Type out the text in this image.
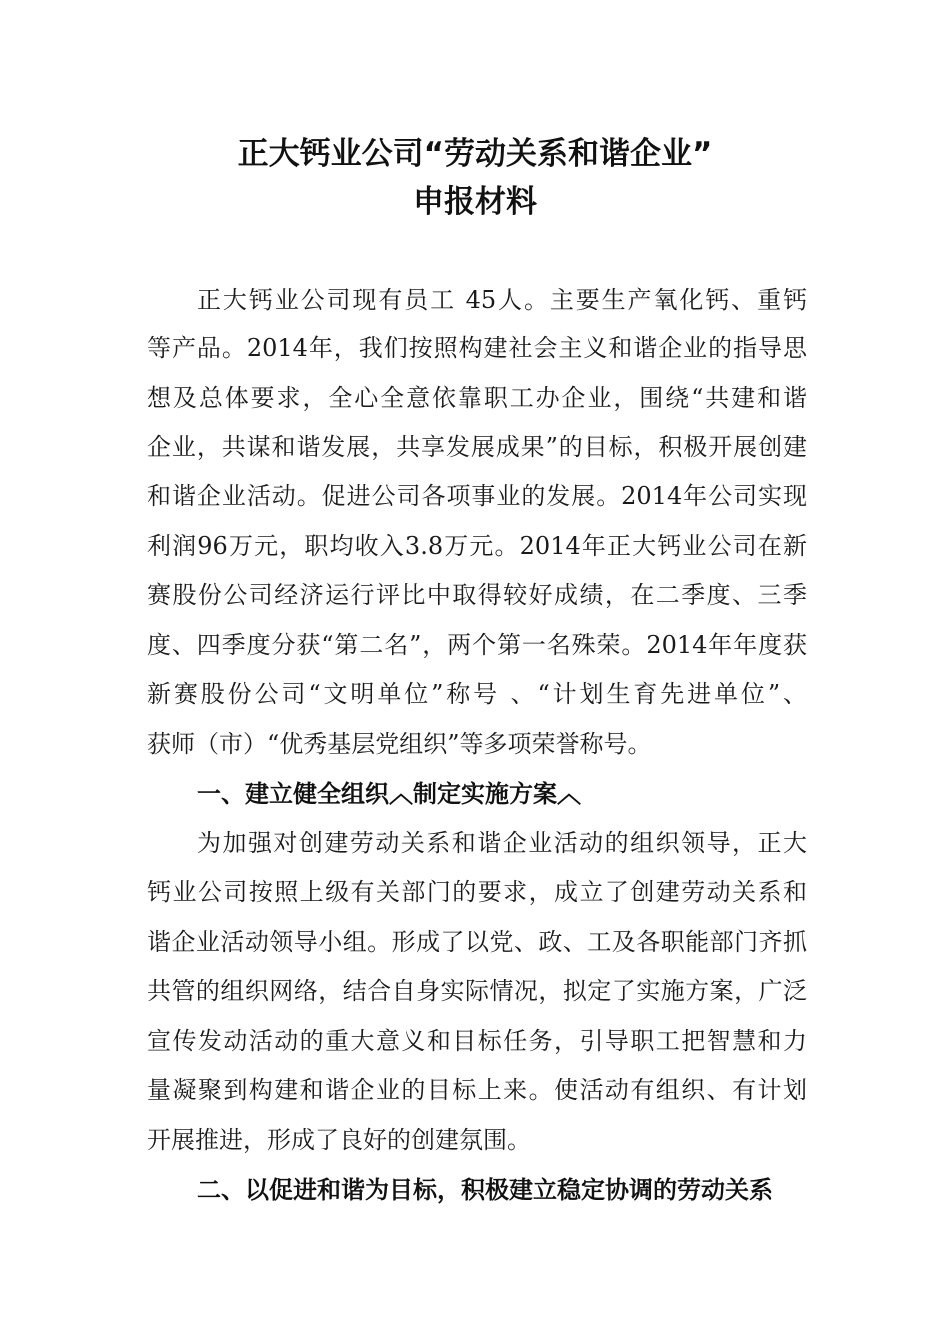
正大钙业公司“劳动关系和谐企业”
申报材料
正大钙业公司现有员工 45人。主要生产氧化钙、重钙
等产品。2014年，我们按照构建社会主义和谐企业的指导思
想及总体要求，全心全意依靠职工办企业，围绕“共建和谐
企业，共谋和谐发展，共享发展成果”的目标，积极开展创建
和谐企业活动。促进公司各项事业的发展。2014年公司实现
利润96万元，职均收入3.8万元。2014年正大钙业公司在新
赛股份公司经济运行评比中取得较好成绩，在二季度、三季
度、四季度分获“第二名”，两个第一名殊荣。2014年年度获
新赛股份公司“文明单位”称号 、“计划生育先进单位”、
获师（市）“优秀基层党组织”等多项荣誉称号。
一、建立健全组织︿制定实施方案︿
为加强对创建劳动关系和谐企业活动的组织领导，正大
钙业公司按照上级有关部门的要求，成立了创建劳动关系和
谐企业活动领导小组。形成了以党、政、工及各职能部门齐抓
共管的组织网络，结合自身实际情况，拟定了实施方案，广泛
宣传发动活动的重大意义和目标任务，引导职工把智慧和力
量凝聚到构建和谐企业的目标上来。使活动有组织、有计划
开展推进，形成了良好的创建氛围。
二、以促进和谐为目标，积极建立稳定协调的劳动关系
